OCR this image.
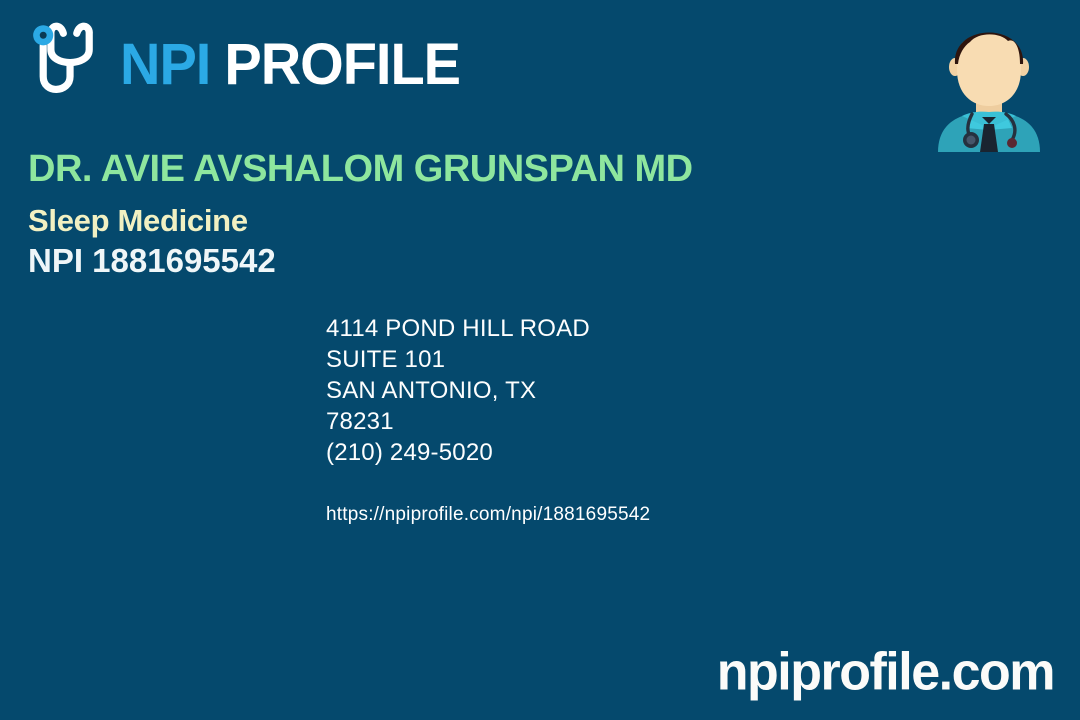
NPI PROFILE
DR. AVIE AVSHALOM GRUNSPAN MD
Sleep Medicine
NPI 1881695542
4114 POND HILL ROAD
SUITE 101
SAN ANTONIO, TX
78231
(210) 249-5020
https://npiprofile.com/npi/1881695542
npiprofile.com
